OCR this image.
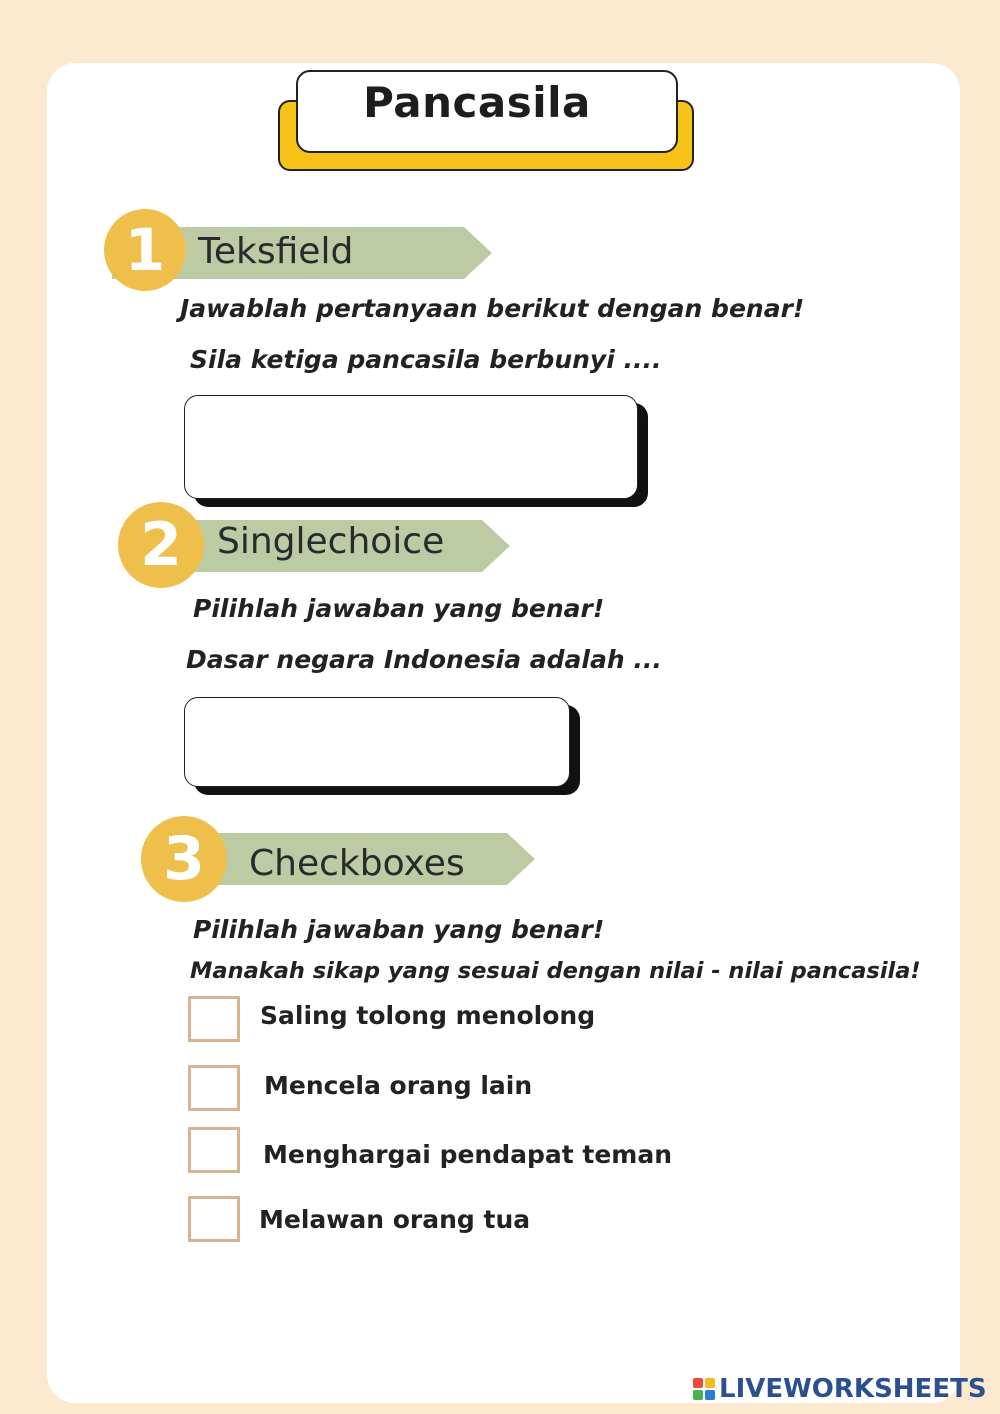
Pancasila
1 Teksfield
Jawablah pertanyaan berikut dengan benar!
Sila ketiga pancasila berbunyi ....
2 Singlechoice
Pilihlah jawaban yang benar!
Dasar negara Indonesia adalah ...
3	Checkboxes
Pilihlah jawaban yang benar!
Manakah sikap yang sesuai dengan nilai - nilai pancasila!
Saling tolong menolong
Mencela orang lain
Menghargai pendapat teman
Melawan orang tua
LIVEWORKSHEETS
